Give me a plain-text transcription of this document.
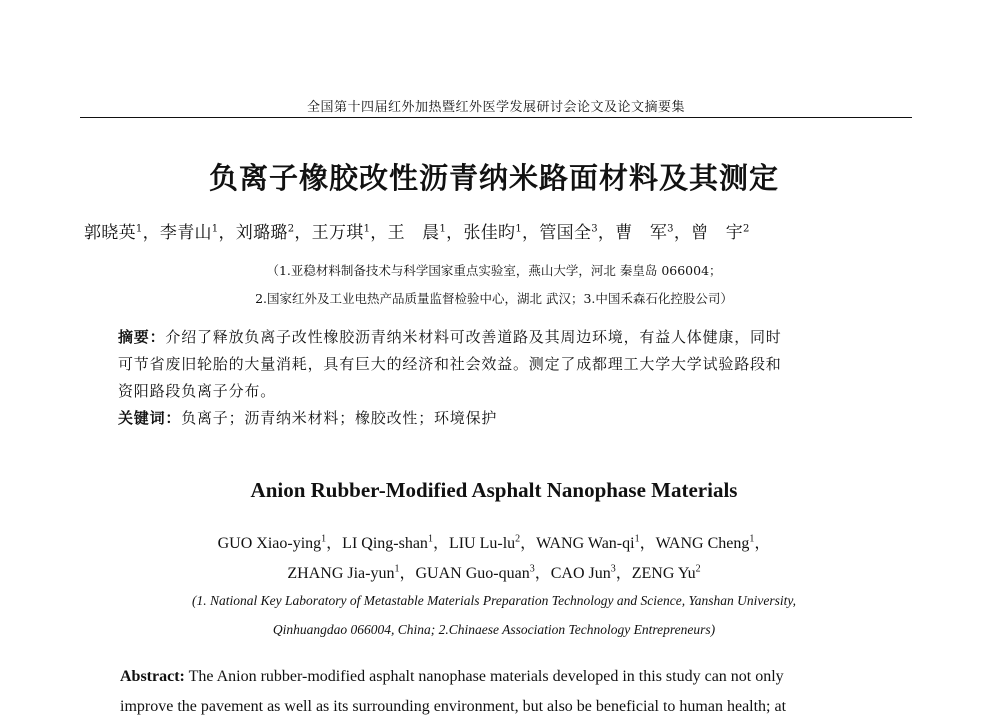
全国第十四届红外加热暨红外医学发展研讨会论文及论文摘要集
负离子橡胶改性沥青纳米路面材料及其测定
郭晓英$^1$，李青山$^1$，刘璐璐$^2$，王万琪$^1$，王　晨$^1$，张佳昀$^1$，管国全$^3$，曹　军$^3$，曾　宇$^2$
（1.亚稳材料制备技术与科学国家重点实验室，燕山大学，河北 秦皇岛 066004；
2.国家红外及工业电热产品质量监督检验中心，湖北 武汉；3.中国禾森石化控股公司）
摘要：介绍了释放负离子改性橡胶沥青纳米材料可改善道路及其周边环境，有益人体健康，同时
可节省废旧轮胎的大量消耗，具有巨大的经济和社会效益。测定了成都理工大学大学试验路段和
资阳路段负离子分布。
关键词：负离子；沥青纳米材料；橡胶改性；环境保护
Anion Rubber-Modified Asphalt Nanophase Materials
GUO Xiao-ying$^1$，LI Qing-shan$^1$，LIU $Lu-lu^2$，WANG Wan-$qi^1$，WANG Cheng$^1$，
ZHANG Jia-yun$^1$，GUAN Guo-quan$^3$，CAO Jun$^3$，ZENG Yu$^2$
(1. National Key Laboratory of Metastable Materials Preparation Technology and Science, Yanshan University,
Qinhuangdao 066004, China; 2.Chinaese Association Technology Entrepreneurs)
Abstract: The Anion rubber-modified asphalt nanophase materials developed in this study can not only
improve the pavement as well as its surrounding environment, but also be beneficial to human health; at
